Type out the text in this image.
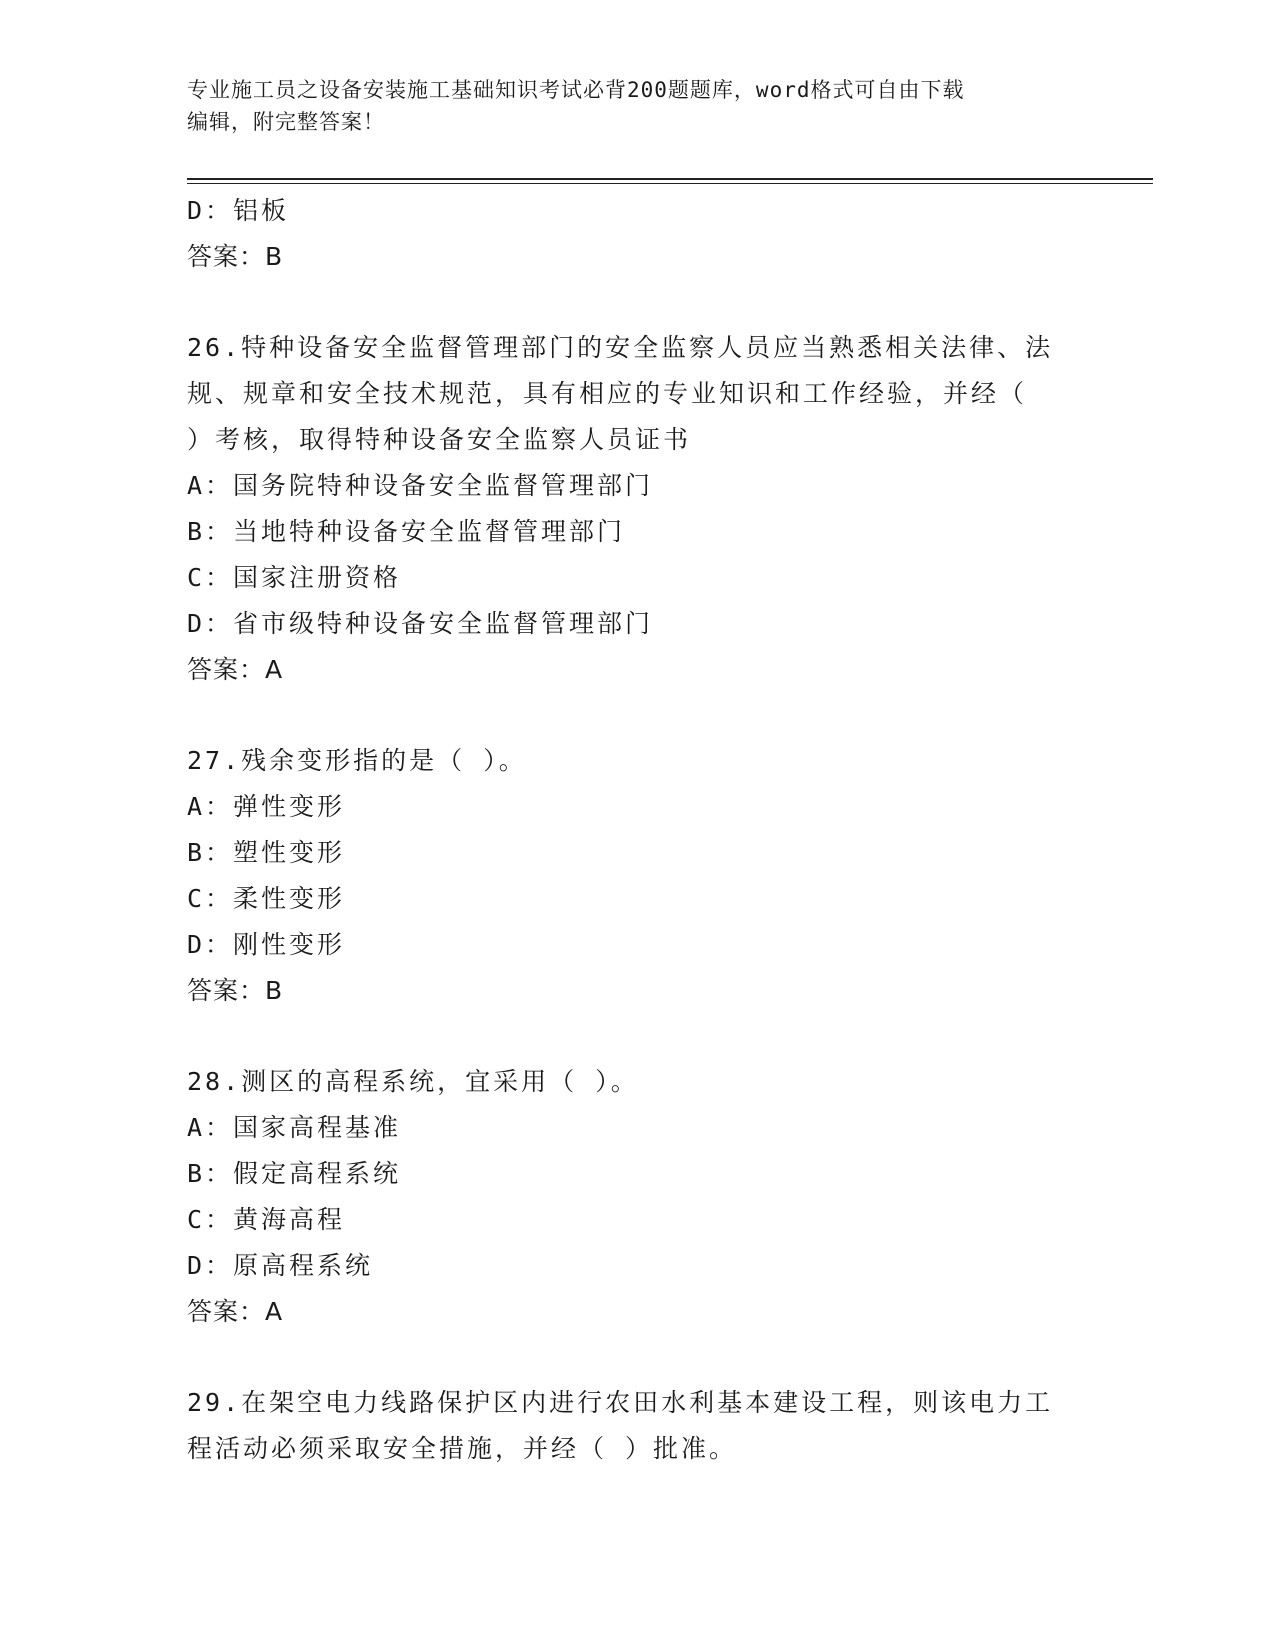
专业施工员之设备安装施工基础知识考试必背200题题库，word格式可自由下载
编辑，附完整答案！
D：铝板
答案：B
26.特种设备安全监督管理部门的安全监察人员应当熟悉相关法律、法
规、规章和安全技术规范，具有相应的专业知识和工作经验，并经（
）考核，取得特种设备安全监察人员证书
A：国务院特种设备安全监督管理部门
B：当地特种设备安全监督管理部门
C：国家注册资格
D：省市级特种设备安全监督管理部门
答案：A
27.残余变形指的是（ ）。
A：弹性变形
B：塑性变形
C：柔性变形
D：刚性变形
答案：B
28.测区的高程系统，宜采用（ ）。
A：国家高程基准
B：假定高程系统
C：黄海高程
D：原高程系统
答案：A
29.在架空电力线路保护区内进行农田水利基本建设工程，则该电力工
程活动必须采取安全措施，并经（ ）批准。
